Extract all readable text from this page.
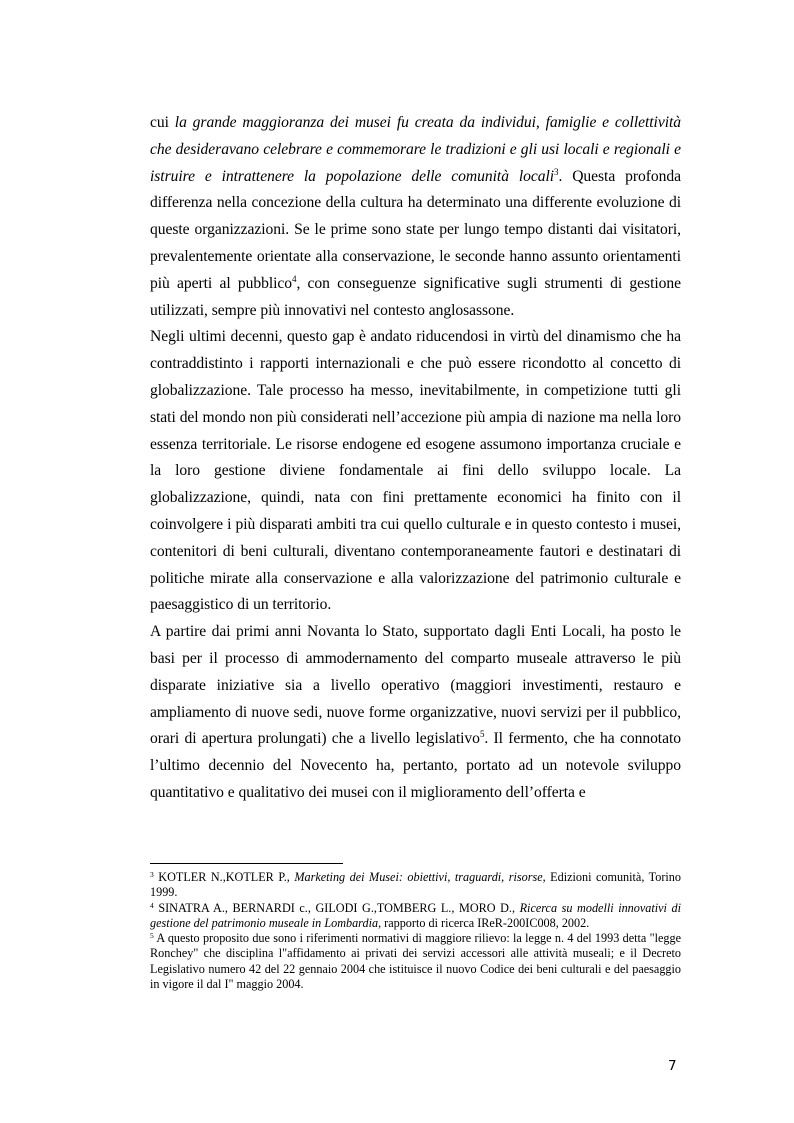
cui la grande maggioranza dei musei fu creata da individui, famiglie e collettività che desideravano celebrare e commemorare le tradizioni e gli usi locali e regionali e istruire e intrattenere la popolazione delle comunità locali$^3$. Questa profonda differenza nella concezione della cultura ha determinato una differente evoluzione di queste organizzazioni. Se le prime sono state per lungo tempo distanti dai visitatori, prevalentemente orientate alla conservazione, le seconde hanno assunto orientamenti più aperti al pubblico$^4$, con conseguenze significative sugli strumenti di gestione utilizzati, sempre più innovativi nel contesto anglosassone.

Negli ultimi decenni, questo gap è andato riducendosi in virtù del dinamismo che ha contraddistinto i rapporti internazionali e che può essere ricondotto al concetto di globalizzazione. Tale processo ha messo, inevitabilmente, in competizione tutti gli stati del mondo non più considerati nell’accezione più ampia di nazione ma nella loro essenza territoriale. Le risorse endogene ed esogene assumono importanza cruciale e la loro gestione diviene fondamentale ai fini dello sviluppo locale. La globalizzazione, quindi, nata con fini prettamente economici ha finito con il coinvolgere i più disparati ambiti tra cui quello culturale e in questo contesto i musei, contenitori di beni culturali, diventano contemporaneamente fautori e destinatari di politiche mirate alla conservazione e alla valorizzazione del patrimonio culturale e paesaggistico di un territorio.

A partire dai primi anni Novanta lo Stato, supportato dagli Enti Locali, ha posto le basi per il processo di ammodernamento del comparto museale attraverso le più disparate iniziative sia a livello operativo (maggiori investimenti, restauro e ampliamento di nuove sedi, nuove forme organizzative, nuovi servizi per il pubblico, orari di apertura prolungati) che a livello legislativo$^5$. Il fermento, che ha connotato l’ultimo decennio del Novecento ha, pertanto, portato ad un notevole sviluppo quantitativo e qualitativo dei musei con il miglioramento dell’offerta e

$^3$ KOTLER N.,KOTLER P., Marketing dei Musei: obiettivi, traguardi, risorse, Edizioni comunità, Torino 1999.

$^4$ SINATRA A., BERNARDI c., GILODI G.,TOMBERG L., MORO D., Ricerca su modelli innovativi di gestione del patrimonio museale in Lombardia, rapporto di ricerca IReR-200IC008, 2002.

$^5$ A questo proposito due sono i riferimenti normativi di maggiore rilievo: la legge n. 4 del 1993 detta "legge Ronchey" che disciplina l"affidamento ai privati dei servizi accessori alle attività museali; e il Decreto Legislativo numero 42 del 22 gennaio 2004 che istituisce il nuovo Codice dei beni culturali e del paesaggio in vigore il dal I" maggio 2004.

7
